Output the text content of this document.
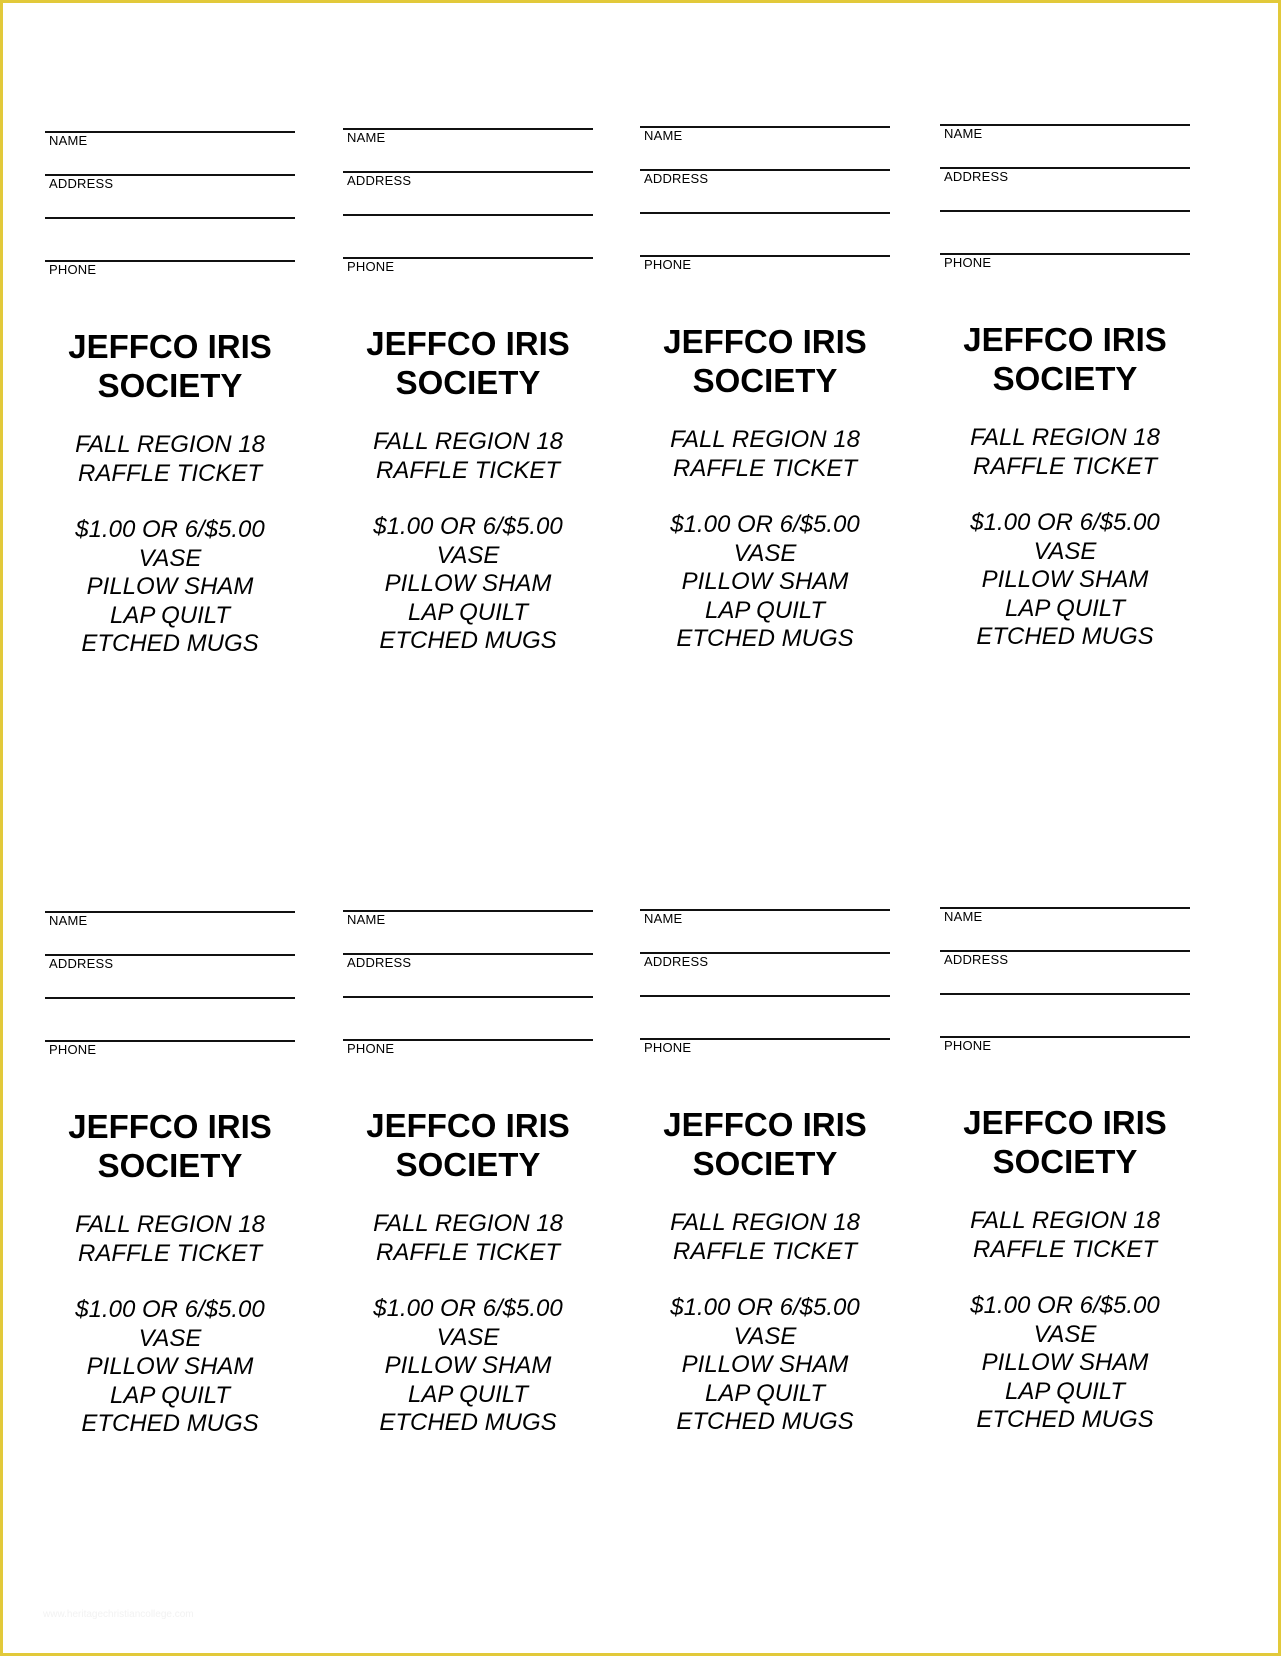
www.heritagechristiancollege.com
NAME
ADDRESS
PHONE
JEFFCO IRIS
SOCIETY
FALL REGION 18
RAFFLE TICKET
$1.00 OR 6/$5.00
VASE
PILLOW SHAM
LAP QUILT
ETCHED MUGS
NAME
ADDRESS
PHONE
JEFFCO IRIS
SOCIETY
FALL REGION 18
RAFFLE TICKET
$1.00 OR 6/$5.00
VASE
PILLOW SHAM
LAP QUILT
ETCHED MUGS
NAME
ADDRESS
PHONE
JEFFCO IRIS
SOCIETY
FALL REGION 18
RAFFLE TICKET
$1.00 OR 6/$5.00
VASE
PILLOW SHAM
LAP QUILT
ETCHED MUGS
NAME
ADDRESS
PHONE
JEFFCO IRIS
SOCIETY
FALL REGION 18
RAFFLE TICKET
$1.00 OR 6/$5.00
VASE
PILLOW SHAM
LAP QUILT
ETCHED MUGS
NAME
ADDRESS
PHONE
JEFFCO IRIS
SOCIETY
FALL REGION 18
RAFFLE TICKET
$1.00 OR 6/$5.00
VASE
PILLOW SHAM
LAP QUILT
ETCHED MUGS
NAME
ADDRESS
PHONE
JEFFCO IRIS
SOCIETY
FALL REGION 18
RAFFLE TICKET
$1.00 OR 6/$5.00
VASE
PILLOW SHAM
LAP QUILT
ETCHED MUGS
NAME
ADDRESS
PHONE
JEFFCO IRIS
SOCIETY
FALL REGION 18
RAFFLE TICKET
$1.00 OR 6/$5.00
VASE
PILLOW SHAM
LAP QUILT
ETCHED MUGS
NAME
ADDRESS
PHONE
JEFFCO IRIS
SOCIETY
FALL REGION 18
RAFFLE TICKET
$1.00 OR 6/$5.00
VASE
PILLOW SHAM
LAP QUILT
ETCHED MUGS
